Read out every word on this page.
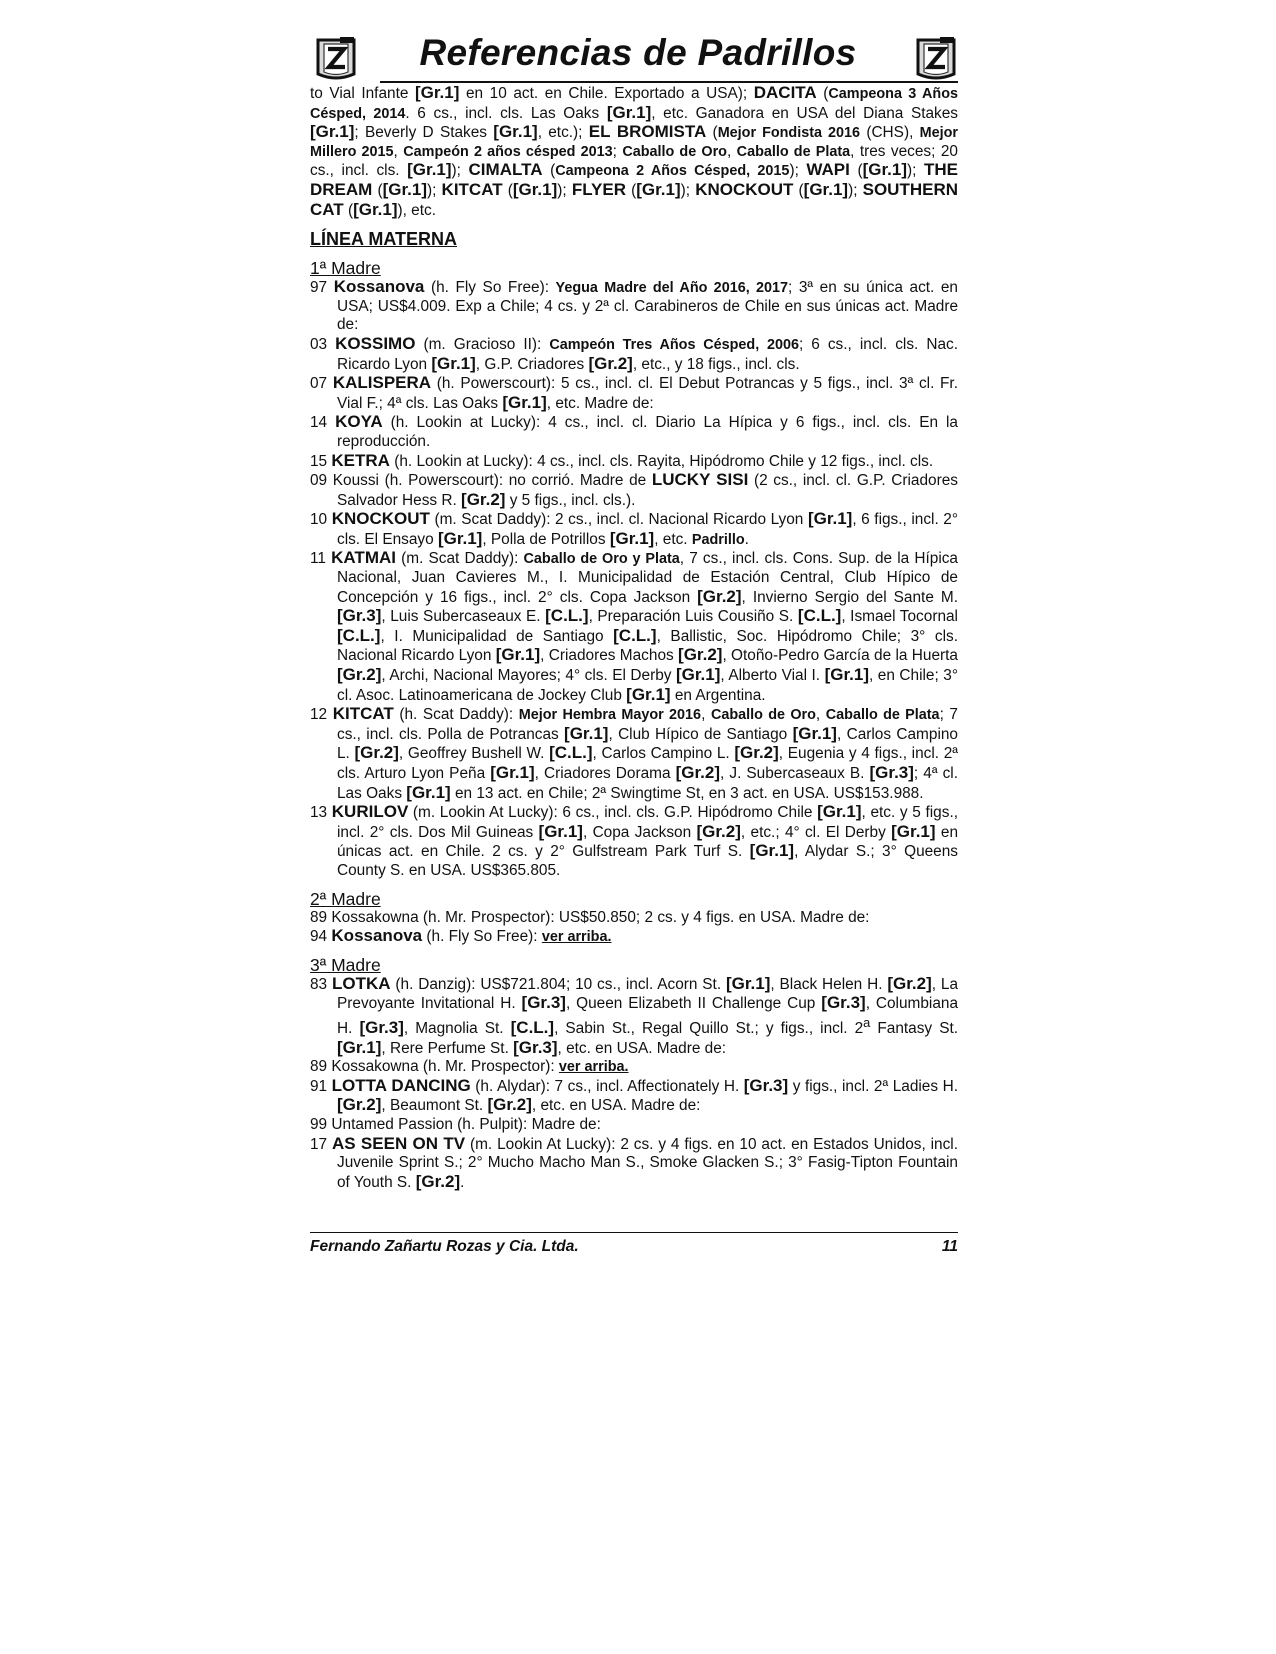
Referencias de Padrillos

to Vial Infante [Gr.1] en 10 act. en Chile. Exportado a USA); DACITA (Campeona 3 Años Césped, 2014. 6 cs., incl. cls. Las Oaks [Gr.1], etc. Ganadora en USA del Diana Stakes [Gr.1]; Beverly D Stakes [Gr.1], etc.); EL BROMISTA (Mejor Fondista 2016 (CHS), Mejor Millero 2015, Campeón 2 años césped 2013; Caballo de Oro, Caballo de Plata, tres veces; 20 cs., incl. cls. [Gr.1]); CIMALTA (Campeona 2 Años Césped, 2015); WAPI ([Gr.1]); THE DREAM ([Gr.1]); KITCAT ([Gr.1]); FLYER ([Gr.1]); KNOCKOUT ([Gr.1]); SOUTHERN CAT ([Gr.1]), etc.

LÍNEA MATERNA
1ª Madre

97 Kossanova (h. Fly So Free): Yegua Madre del Año 2016, 2017; 3ª en su única act. en USA; US$4.009. Exp a Chile; 4 cs. y 2ª cl. Carabineros de Chile en sus únicas act. Madre de:

03 KOSSIMO (m. Gracioso II): Campeón Tres Años Césped, 2006; 6 cs., incl. cls. Nac. Ricardo Lyon [Gr.1], G.P. Criadores [Gr.2], etc., y 18 figs., incl. cls.

07 KALISPERA (h. Powerscourt): 5 cs., incl. cl. El Debut Potrancas y 5 figs., incl. 3ª cl. Fr. Vial F.; 4ª cls. Las Oaks [Gr.1], etc. Madre de:

14 KOYA (h. Lookin at Lucky): 4 cs., incl. cl. Diario La Hípica y 6 figs., incl. cls. En la reproducción.

15 KETRA (h. Lookin at Lucky): 4 cs., incl. cls. Rayita, Hipódromo Chile y 12 figs., incl. cls.

09 Koussi (h. Powerscourt): no corrió. Madre de LUCKY SISI (2 cs., incl. cl. G.P. Criadores Salvador Hess R. [Gr.2] y 5 figs., incl. cls.).

10 KNOCKOUT (m. Scat Daddy): 2 cs., incl. cl. Nacional Ricardo Lyon [Gr.1], 6 figs., incl. 2° cls. El Ensayo [Gr.1], Polla de Potrillos [Gr.1], etc. Padrillo.

11 KATMAI (m. Scat Daddy): Caballo de Oro y Plata, 7 cs., incl. cls. Cons. Sup. de la Hípica Nacional, Juan Cavieres M., I. Municipalidad de Estación Central, Club Hípico de Concepción y 16 figs., incl. 2° cls. Copa Jackson [Gr.2], Invierno Sergio del Sante M. [Gr.3], Luis Subercaseaux E. [C.L.], Preparación Luis Cousiño S. [C.L.], Ismael Tocornal [C.L.], I. Municipalidad de Santiago [C.L.], Ballistic, Soc. Hipódromo Chile; 3° cls. Nacional Ricardo Lyon [Gr.1], Criadores Machos [Gr.2], Otoño-Pedro García de la Huerta [Gr.2], Archi, Nacional Mayores; 4° cls. El Derby [Gr.1], Alberto Vial I. [Gr.1], en Chile; 3° cl. Asoc. Latinoamericana de Jockey Club [Gr.1] en Argentina.

12 KITCAT (h. Scat Daddy): Mejor Hembra Mayor 2016, Caballo de Oro, Caballo de Plata; 7 cs., incl. cls. Polla de Potrancas [Gr.1], Club Hípico de Santiago [Gr.1], Carlos Campino L. [Gr.2], Geoffrey Bushell W. [C.L.], Carlos Campino L. [Gr.2], Eugenia y 4 figs., incl. 2ª cls. Arturo Lyon Peña [Gr.1], Criadores Dorama [Gr.2], J. Subercaseaux B. [Gr.3]; 4ª cl. Las Oaks [Gr.1] en 13 act. en Chile; 2ª Swingtime St, en 3 act. en USA. US$153.988.

13 KURILOV (m. Lookin At Lucky): 6 cs., incl. cls. G.P. Hipódromo Chile [Gr.1], etc. y 5 figs., incl. 2° cls. Dos Mil Guineas [Gr.1], Copa Jackson [Gr.2], etc.; 4° cl. El Derby [Gr.1] en únicas act. en Chile. 2 cs. y 2° Gulfstream Park Turf S. [Gr.1], Alydar S.; 3° Queens County S. en USA. US$365.805.

2ª Madre

89 Kossakowna (h. Mr. Prospector): US$50.850; 2 cs. y 4 figs. en USA. Madre de:

94 Kossanova (h. Fly So Free): ver arriba.

3ª Madre

83 LOTKA (h. Danzig): US$721.804; 10 cs., incl. Acorn St. [Gr.1], Black Helen H. [Gr.2], La Prevoyante Invitational H. [Gr.3], Queen Elizabeth II Challenge Cup [Gr.3], Columbiana H. [Gr.3], Magnolia St. [C.L.], Sabin St., Regal Quillo St.; y figs., incl. 2$^a$ Fantasy St. [Gr.1], Rere Perfume St. [Gr.3], etc. en USA. Madre de:

89 Kossakowna (h. Mr. Prospector): ver arriba.

91 LOTTA DANCING (h. Alydar): 7 cs., incl. Affectionately H. [Gr.3] y figs., incl. 2ª Ladies H. [Gr.2], Beaumont St. [Gr.2], etc. en USA. Madre de:

99 Untamed Passion (h. Pulpit): Madre de:

17 AS SEEN ON TV (m. Lookin At Lucky): 2 cs. y 4 figs. en 10 act. en Estados Unidos, incl. Juvenile Sprint S.; 2° Mucho Macho Man S., Smoke Glacken S.; 3° Fasig-Tipton Fountain of Youth S. [Gr.2].

Fernando Zañartu Rozas y Cia. Ltda.	11
